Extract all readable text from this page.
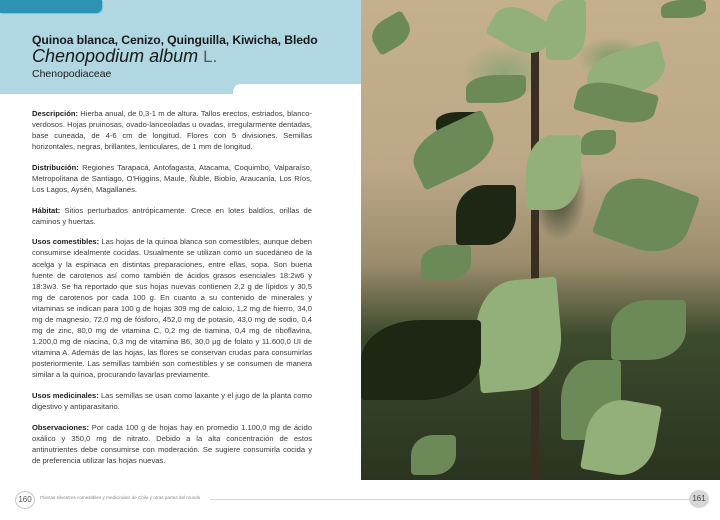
Quinoa blanca, Cenizo, Quinguilla, Kiwicha, Bledo
Chenopodium album L.
Chenopodiaceae

Descripción: Hierba anual, de 0,3-1 m de altura. Tallos erectos, estriados, blanco-verdosos. Hojas pruinosas, ovado-lanceoladas u ovadas, irregularmente dentadas, base cuneada, de 4-6 cm de longitud. Flores con 5 divisiones. Semillas horizontales, negras, brillantes, lenticulares, de 1 mm de longitud.

Distribución: Regiones Tarapacá, Antofagasta, Atacama, Coquimbo, Valparaíso, Metropolitana de Santiago, O'Higgins, Maule, Ñuble, Biobío, Araucanía, Los Ríos, Los Lagos, Aysén, Magallanes.

Hábitat: Sitios perturbados antrópicamente. Crece en lotes baldíos, orillas de caminos y huertas.

Usos comestibles: Las hojas de la quinoa blanca son comestibles, aunque deben consumirse idealmente cocidas. Usualmente se utilizan como un sucedáneo de la acelga y la espinaca en distintas preparaciones, entre ellas, sopa. Son buena fuente de carotenos así como también de ácidos grasos esenciales 18:2w6 y 18:3w3. Se ha reportado que sus hojas nuevas contienen 2,2 g de lípidos y 30,5 mg de carotenos por cada 100 g. En cuanto a su contenido de minerales y vitaminas se indican para 100 g de hojas 309 mg de calcio, 1,2 mg de hierro, 34,0 mg de magnesio, 72,0 mg de fósforo, 452,0 mg de potasio, 43,0 mg de sodio, 0,4 mg de zinc, 80,0 mg de vitamina C, 0,2 mg de tiamina, 0,4 mg de riboflavina, 1.200,0 mg de niacina, 0,3 mg de vitamina B6, 30,0 µg de folato y 11.600,0 UI de vitamina A. Además de las hojas, las flores se conservan crudas para consumirlas posteriormente. Las semillas también son comestibles y se consumen de manera similar a la quinoa, procurando lavarlas previamente.

Usos medicinales: Las semillas se usan como laxante y el jugo de la planta como digestivo y antiparasitario.

Observaciones: Por cada 100 g de hojas hay en promedio 1.100,0 mg de ácido oxálico y 350,0 mg de nitrato. Debido a la alta concentración de estos antinutrientes debe consumirse con moderación. Se sugiere consumirla cocida y de preferencia utilizar las hojas nuevas.

160	Plantas silvestres comestibles y medicinales de Chile y otras partes del mundo	161
